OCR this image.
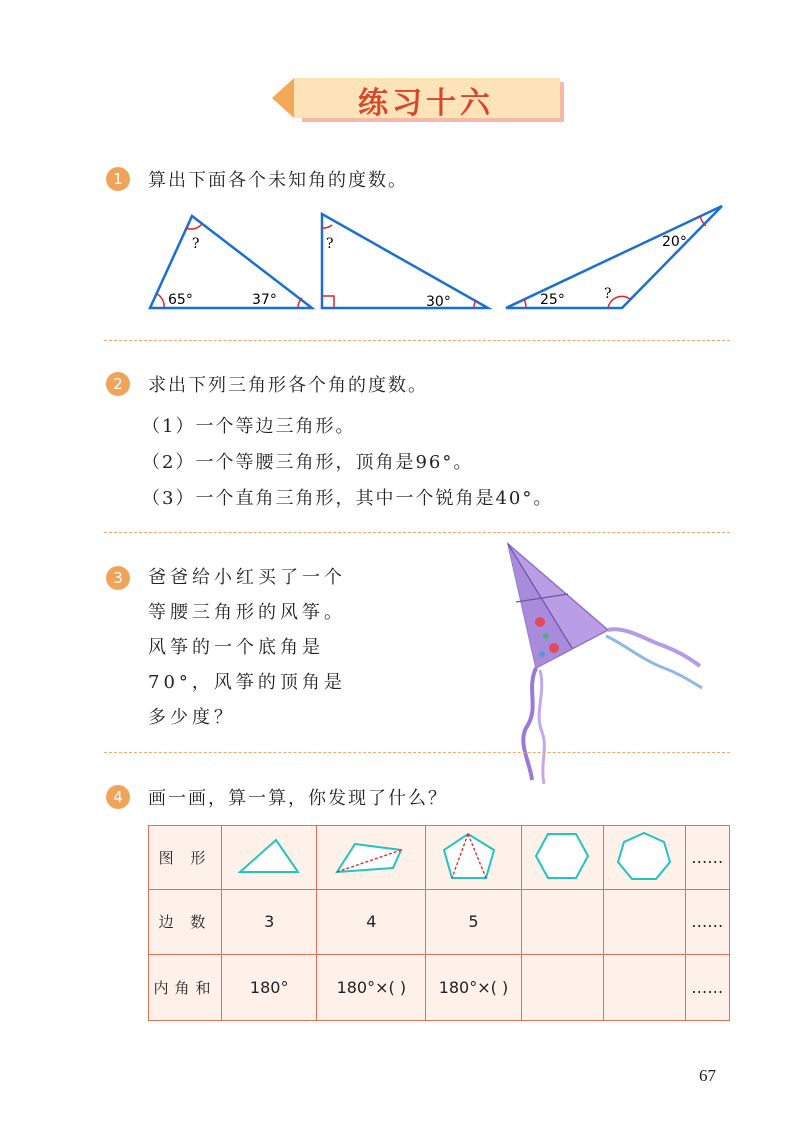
练习十六
1	算出下面各个未知角的度数。
65°	37°
?	?
30°	25°	?
20°
2	求出下列三角形各个角的度数。
（1）一个等边三角形。
（2）一个等腰三角形，顶角是96°。
（3）一个直角三角形，其中一个锐角是40°。
3	爸爸给小红买了一个
等腰三角形的风筝。
风筝的一个底角是
70°，风筝的顶角是
多少度？
4	画一画，算一算，你发现了什么？
图 形						……
边 数	3	4	5			……
内角和	180°	180°×( )	180°×( )			……
67
